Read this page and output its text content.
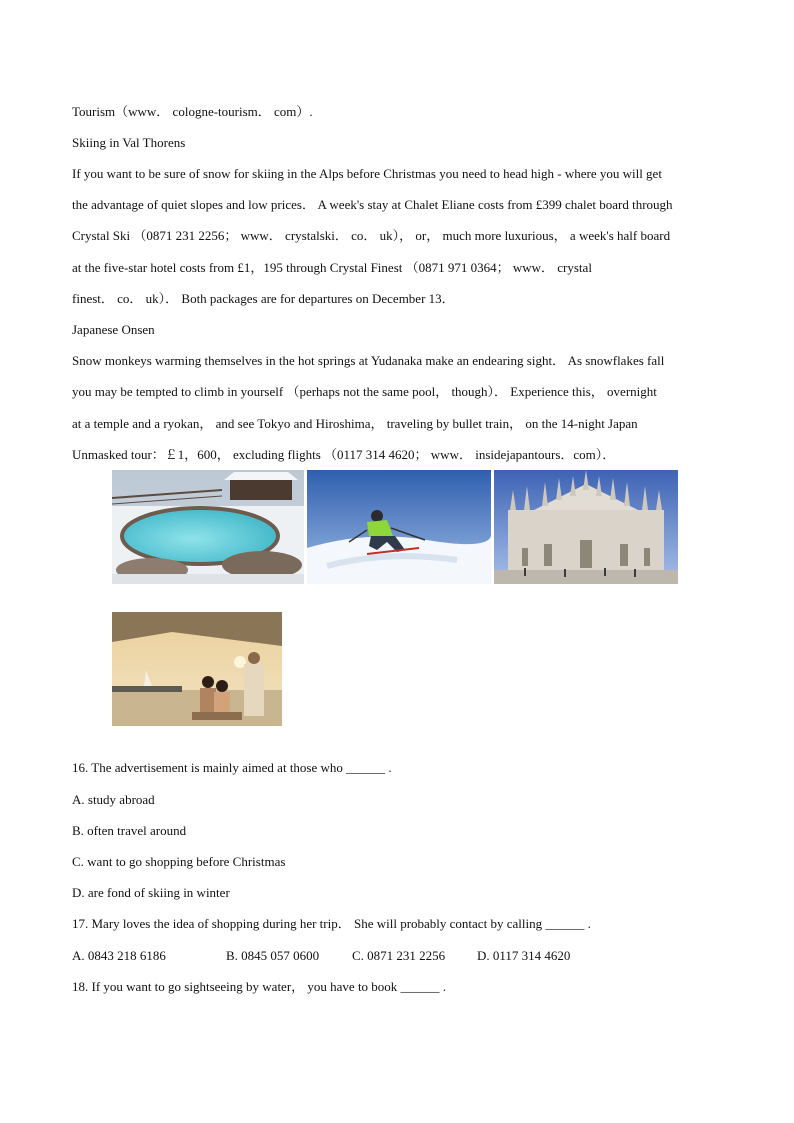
Tourism（www． cologne-tourism． com）.
Skiing in Val Thorens
If you want to be sure of snow for skiing in the Alps before Christmas you need to head high - where you will get
the advantage of quiet slopes and low prices． A week's stay at Chalet Eliane costs from £399 chalet board through
Crystal Ski （0871 231 2256； www． crystalski． co． uk）， or， much more luxurious， a week's half board
at the five-star hotel costs from £1，195 through Crystal Finest （0871 971 0364； www． crystal
finest． co． uk）． Both packages are for departures on December 13．
Japanese Onsen
Snow monkeys warming themselves in the hot springs at Yudanaka make an endearing sight． As snowflakes fall
you may be tempted to climb in yourself （perhaps not the same pool， though）． Experience this， overnight
at a temple and a ryokan， and see Tokyo and Hiroshima， traveling by bullet train， on the 14-night Japan
Unmasked tour：￡1，600， excluding flights （0117 314 4620； www． insidejapantours．com）．
16. The advertisement is mainly aimed at those who ______ .
A. study abroad
B. often travel around
C. want to go shopping before Christmas
D. are fond of skiing in winter
17. Mary loves the idea of shopping during her trip． She will probably contact by calling ______ .
A. 0843 218 6186	B. 0845 057 0600	C. 0871 231 2256 D. 0117 314 4620
18. If you want to go sightseeing by water， you have to book ______ .
